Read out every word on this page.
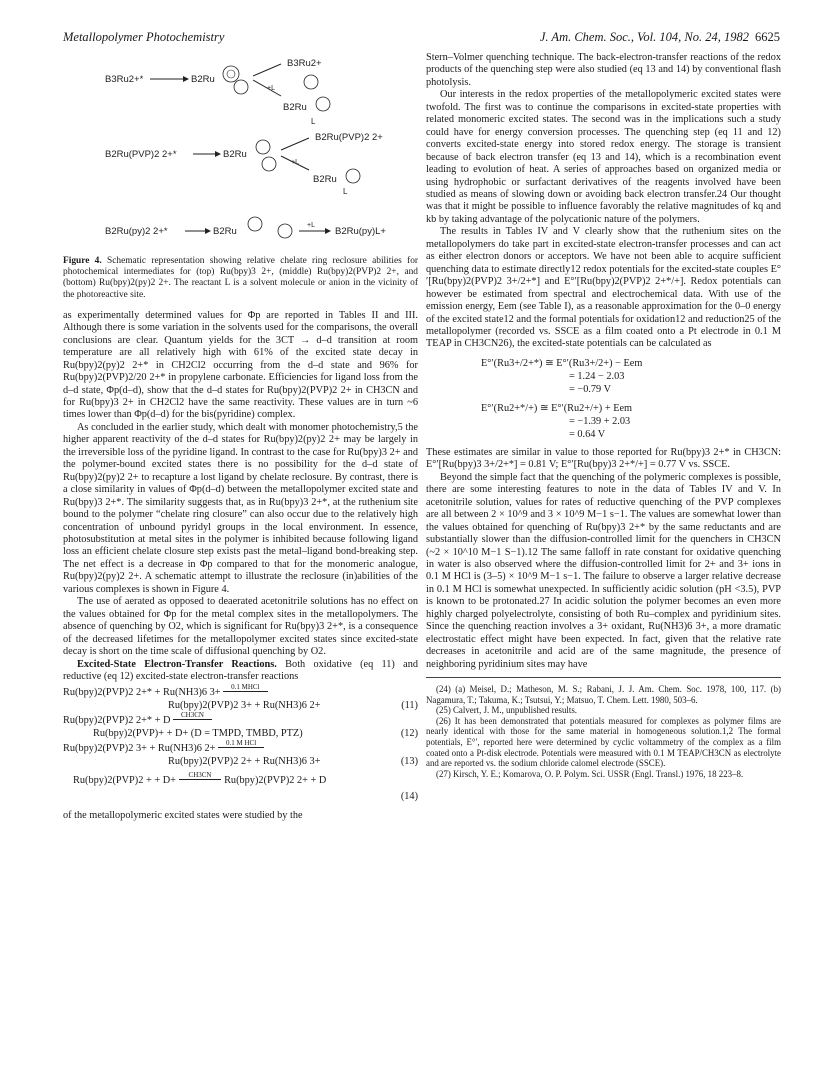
Metallopolymer Photochemistry	J. Am. Chem. Soc., Vol. 104, No. 24, 1982 6625
B3Ru2+*	B2Ru
+L
B3Ru2+
B2Ru
L
B2Ru(PVP)2 2+*	B2Ru
+L
B2Ru(PVP)2 2+
B2Ru
L
B2Ru(py)2 2+*	B2Ru
+L
B2Ru(py)L+
Figure 4. Schematic representation showing relative chelate ring reclosure abilities for photochemical intermediates for (top) Ru(bpy)3 2+, (middle) Ru(bpy)2(PVP)2 2+, and (bottom) Ru(bpy)2(py)2 2+. The reactant L is a solvent molecule or anion in the vicinity of the photoreactive site.

as experimentally determined values for Φp are reported in Tables II and III. Although there is some variation in the solvents used for the comparisons, the overall conclusions are clear. Quantum yields for the 3CT → d–d transition at room temperature are all relatively high with 61% of the excited state decay in Ru(bpy)2(py)2 2+* in CH2Cl2 occurring from the d–d state and 96% for Ru(bpy)2(PVP)2/20 2+* in propylene carbonate. Efficiencies for ligand loss from the d–d state, Φp(d–d), show that the d–d states for Ru(bpy)2(PVP)2 2+ in CH3CN and for Ru(bpy)3 2+ in CH2Cl2 have the same reactivity. These values are in turn ~6 times lower than Φp(d–d) for the bis(pyridine) complex.

As concluded in the earlier study, which dealt with monomer photochemistry,5 the higher apparent reactivity of the d–d states for Ru(bpy)2(py)2 2+ may be largely in the irreversible loss of the pyridine ligand. In contrast to the case for Ru(bpy)3 2+ and the polymer-bound excited states there is no possibility for the d–d state of Ru(bpy)2(py)2 2+ to recapture a lost ligand by chelate reclosure. By contrast, there is a close similarity in values of Φp(d–d) between the metallopolymer excited state and Ru(bpy)3 2+*. The similarity suggests that, as in Ru(bpy)3 2+*, at the ruthenium site bound to the polymer “chelate ring closure” can also occur due to the relatively high concentration of unbound pyridyl groups in the local environment. In essence, photosubstitution at metal sites in the polymer is inhibited because following ligand loss an efficient chelate closure step exists past the metal–ligand bond-breaking step. The net effect is a decrease in Φp compared to that for the monomeric analogue, Ru(bpy)2(py)2 2+. A schematic attempt to illustrate the reclosure (in)abilities of the various complexes is shown in Figure 4.

The use of aerated as opposed to deaerated acetonitrile solutions has no effect on the values obtained for Φp for the metal complex sites in the metallopolymers. The absence of quenching by O2, which is significant for Ru(bpy)3 2+*, is a consequence of the decreased lifetimes for the metallopolymer excited states since excited-state decay is short on the time scale of diffusional quenching by O2.

Excited-State Electron-Transfer Reactions. Both oxidative (eq 11) and reductive (eq 12) excited-state electron-transfer reactions

Ru(bpy)2(PVP)2 2+* + Ru(NH3)6 3+ $^{0.1 MHCl}$
Ru(bpy)2(PVP)2 3+ + Ru(NH3)6 2+	(11)
Ru(bpy)2(PVP)2 2+* + D $^{CH3CN}$
Ru(bpy)2(PVP)+ + D+ (D = TMPD, TMBD, PTZ)	(12)
Ru(bpy)2(PVP)2 3+ + Ru(NH3)6 2+ $^{0.1 M HCl}$
Ru(bpy)2(PVP)2 2+ + Ru(NH3)6 3+	(13)
Ru(bpy)2(PVP)2 + + D+ $^{CH3CN}$ Ru(bpy)2(PVP)2 2+ + D
(14)

of the metallopolymeric excited states were studied by the

Stern–Volmer quenching technique. The back-electron-transfer reactions of the redox products of the quenching step were also studied (eq 13 and 14) by conventional flash photolysis.

Our interests in the redox properties of the metallopolymeric excited states were twofold. The first was to continue the comparisons in excited-state properties with related monomeric excited states. The second was in the implications such a study could have for energy conversion processes. The quenching step (eq 11 and 12) converts excited-state energy into stored redox energy. The storage is transient because of back electron transfer (eq 13 and 14), which is a recombination event leading to evolution of heat. A series of approaches based on organized media or using hydrophobic or surfactant derivatives of the reagents involved have been studied as means of slowing down or avoiding back electron transfer.24 Our thought was that it might be possible to influence favorably the relative magnitudes of kq and kb by taking advantage of the polycationic nature of the polymers.

The results in Tables IV and V clearly show that the ruthenium sites on the metallopolymers do take part in excited-state electron-transfer processes and can act as either electron donors or acceptors. We have not been able to acquire sufficient quenching data to estimate directly12 redox potentials for the excited-state couples E°′[Ru(bpy)2(PVP)2 3+/2+*] and E°′[Ru(bpy)2(PVP)2 2+*/+]. Redox potentials can however be estimated from spectral and electrochemical data. With use of the emission energy, Eem (see Table I), as a reasonable approximation for the 0–0 energy of the excited state12 and the formal potentials for oxidation12 and reduction25 of the metallopolymer (recorded vs. SSCE as a film coated onto a Pt electrode in 0.1 M TEAP in CH3CN26), the excited-state potentials can be calculated as

E°′(Ru3+/2+*) ≅ E°′(Ru3+/2+) − Eem
= 1.24 − 2.03
= −0.79 V
E°′(Ru2+*/+) ≅ E°′(Ru2+/+) + Eem
= −1.39 + 2.03
= 0.64 V

These estimates are similar in value to those reported for Ru(bpy)3 2+* in CH3CN: E°′[Ru(bpy)3 3+/2+*] = 0.81 V; E°′[Ru(bpy)3 2+*/+] = 0.77 V vs. SSCE.

Beyond the simple fact that the quenching of the polymeric complexes is possible, there are some interesting features to note in the data of Tables IV and V. In acetonitrile solution, values for rates of reductive quenching of the PVP complexes are all between 2 × 10^9 and 3 × 10^9 M−1 s−1. The values are somewhat lower than the values obtained for quenching of Ru(bpy)3 2+* by the same reductants and are substantially slower than the diffusion-controlled limit for the quenchers in CH3CN (~2 × 10^10 M−1 S−1).12 The same falloff in rate constant for oxidative quenching in water is also observed where the diffusion-controlled limit for 2+ and 3+ ions in 0.1 M HCl is (3–5) × 10^9 M−1 s−1. The failure to observe a larger relative decrease in 0.1 M HCl is somewhat unexpected. In sufficiently acidic solution (pH <3.5), PVP is known to be protonated.27 In acidic solution the polymer becomes an even more highly charged polyelectrolyte, consisting of both Ru–complex and pyridinium sites. Since the quenching reaction involves a 3+ oxidant, Ru(NH3)6 3+, a more dramatic electrostatic effect might have been expected. In fact, given that the relative rate decreases in acetonitrile and acid are of the same magnitude, the presence of neighboring pyridinium sites may have

(24) (a) Meisel, D.; Matheson, M. S.; Rabani, J. J. Am. Chem. Soc. 1978, 100, 117. (b) Nagamura, T.; Takuma, K.; Tsutsui, Y.; Matsuo, T. Chem. Lett. 1980, 503–6.

(25) Calvert, J. M., unpublished results.

(26) It has been demonstrated that potentials measured for complexes as polymer films are nearly identical with those for the same material in homogeneous solution.1,2 The formal potentials, E°′, reported here were determined by cyclic voltammetry of the complex as a film coated onto a Pt-disk electrode. Potentials were measured with 0.1 M TEAP/CH3CN as electrolyte and are reported vs. the sodium chloride calomel electrode (SSCE).

(27) Kirsch, Y. E.; Komarova, O. P. Polym. Sci. USSR (Engl. Transl.) 1976, 18 223–8.
